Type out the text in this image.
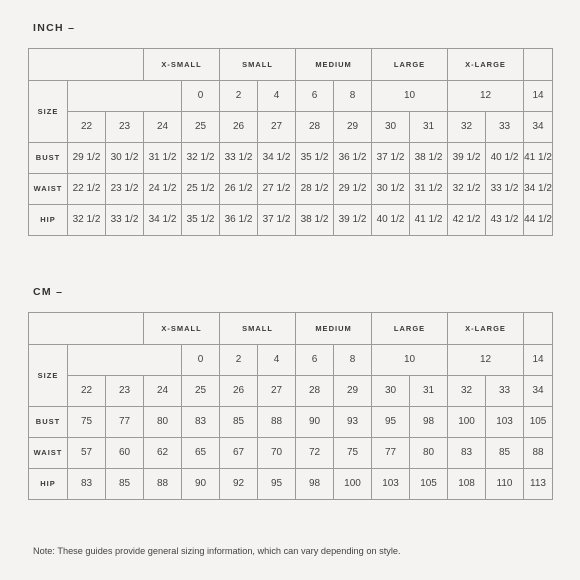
INCH –
			X-SMALL		SMALL		MEDIUM		LARGE		X-LARGE		
SIZE				0	2	4	6	8	10		12		14
	22	23	24	25	26	27	28	29	30	31	32	33	34
BUST	29 1/2	30 1/2	31 1/2	32 1/2	33 1/2	34 1/2	35 1/2	36 1/2	37 1/2	38 1/2	39 1/2	40 1/2	41 1/2
WAIST	22 1/2	23 1/2	24 1/2	25 1/2	26 1/2	27 1/2	28 1/2	29 1/2	30 1/2	31 1/2	32 1/2	33 1/2	34 1/2
HIP	32 1/2	33 1/2	34 1/2	35 1/2	36 1/2	37 1/2	38 1/2	39 1/2	40 1/2	41 1/2	42 1/2	43 1/2	44 1/2
CM –
			X-SMALL		SMALL		MEDIUM		LARGE		X-LARGE		
SIZE				0	2	4	6	8	10		12		14
	22	23	24	25	26	27	28	29	30	31	32	33	34
BUST	75	77	80	83	85	88	90	93	95	98	100	103	105
WAIST	57	60	62	65	67	70	72	75	77	80	83	85	88
HIP	83	85	88	90	92	95	98	100	103	105	108	110	113
Note: These guides provide general sizing information, which can vary depending on style.
